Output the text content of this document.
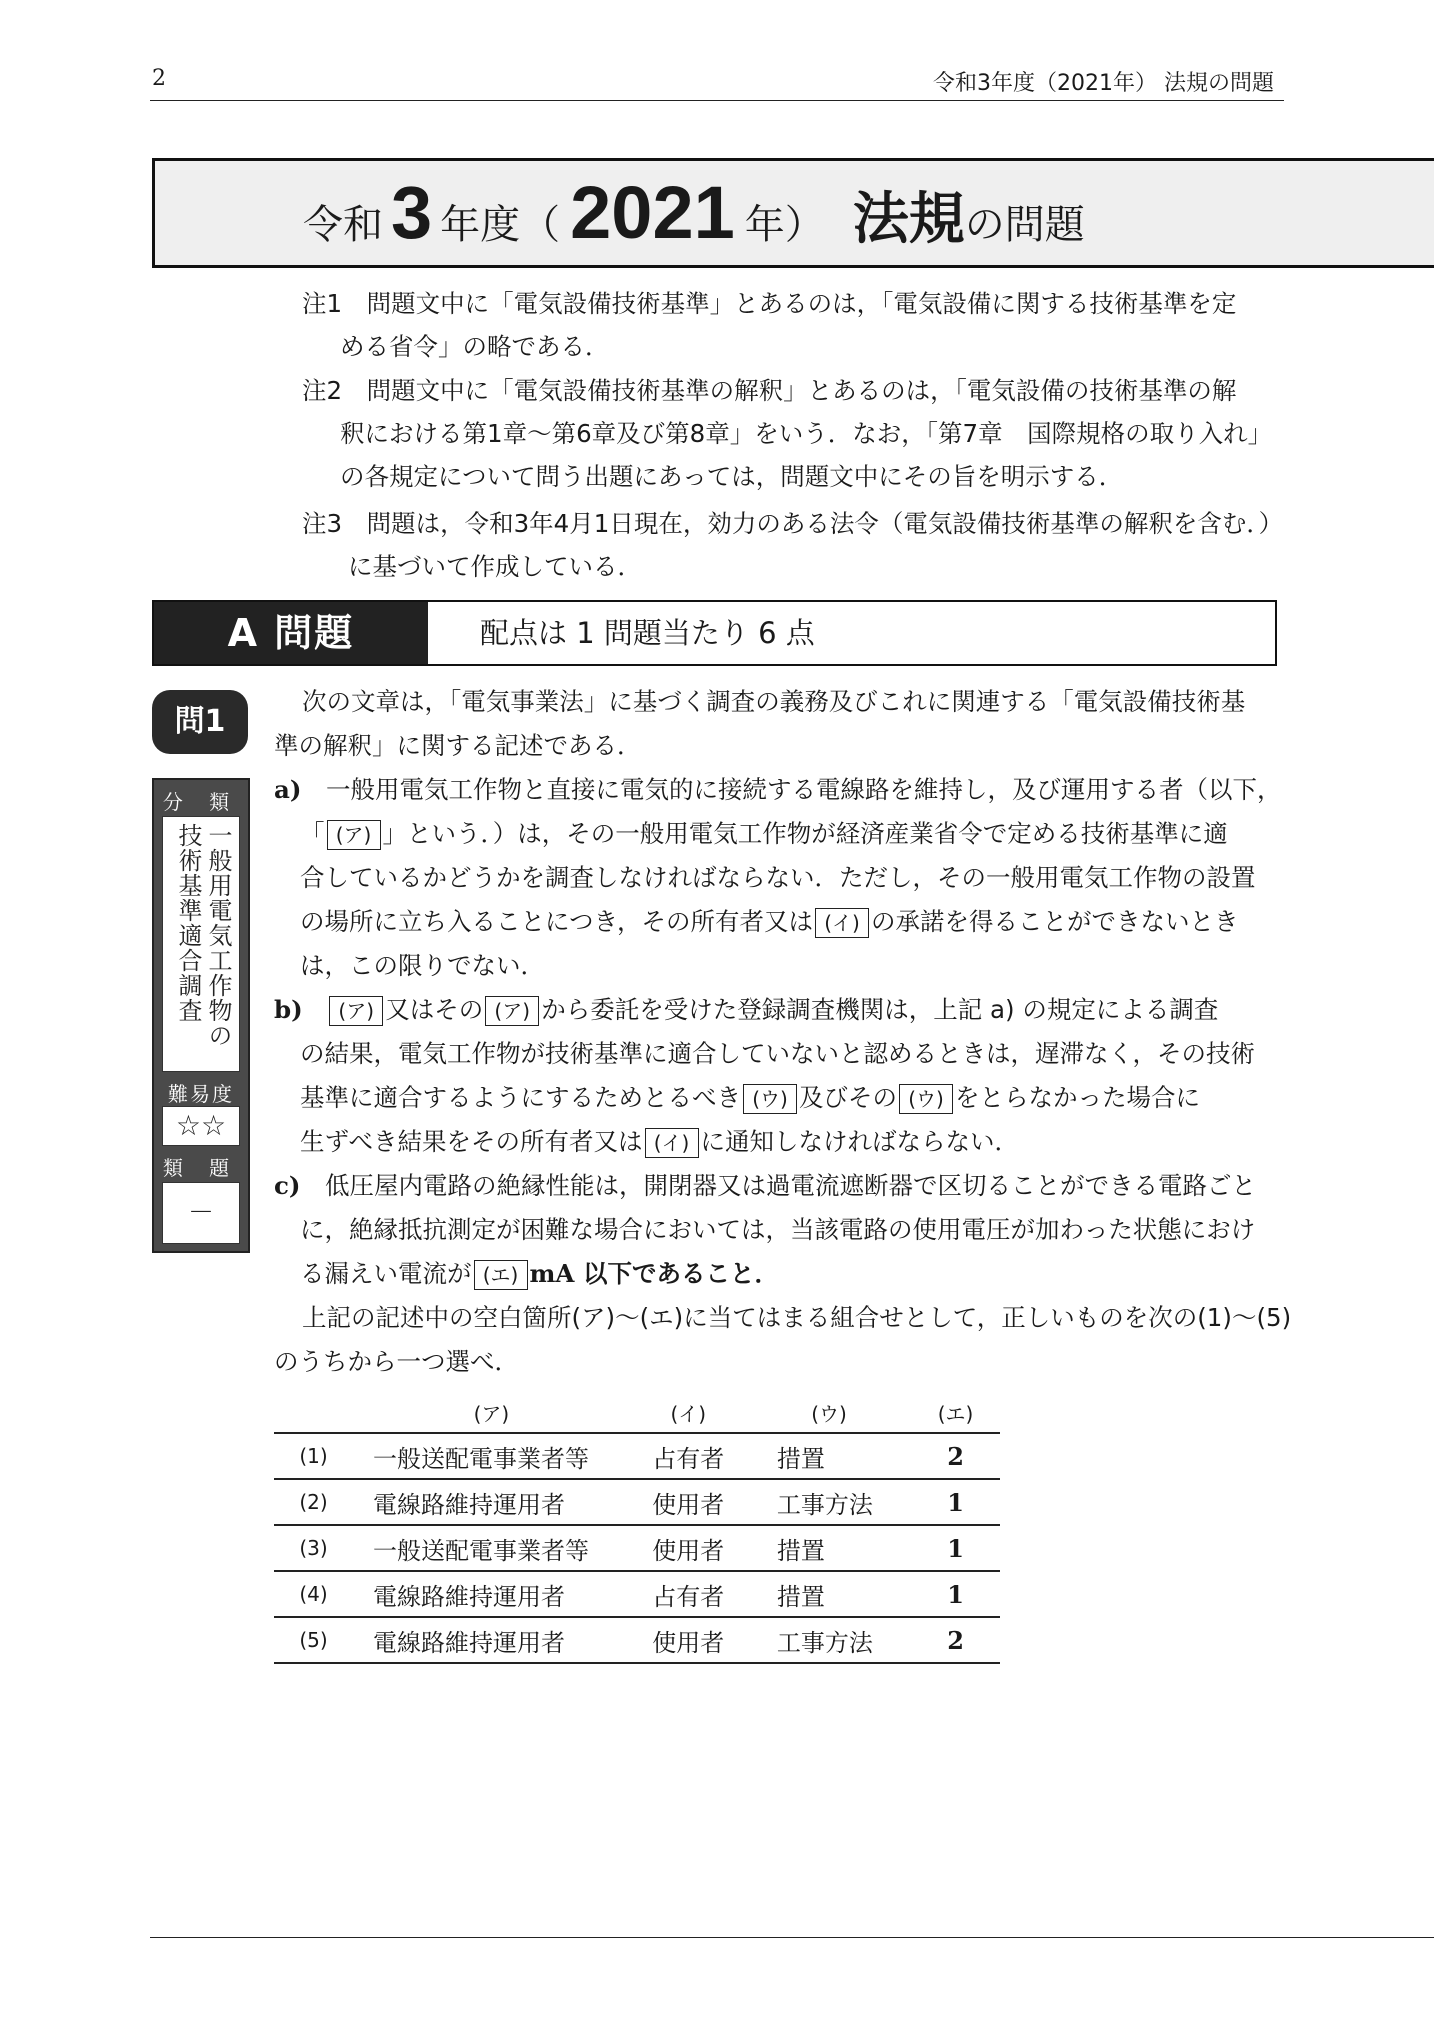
2	令和3年度（2021年） 法規の問題
令和 3 年度（ 2021 年） 法規 の問題
注1　 問題文中に「電気設備技術基準」とあるのは，「電気設備に関する技術基準を定
める省令」の略である．
注2　 問題文中に「電気設備技術基準の解釈」とあるのは，「電気設備の技術基準の解
釈における第1章～第6章及び第8章」をいう．なお，「第7章　国際規格の取り入れ」
の各規定について問う出題にあっては，問題文中にその旨を明示する．
注3　 問題は，令和3年4月1日現在，効力のある法令（電気設備技術基準の解釈を含む．）
に基づいて作成している．
A 問題	配点は 1 問題当たり 6 点
問1
分 類
一般用電気工作物の技術基準適合調査
難易度
☆☆
類 題
－
次の文章は，「電気事業法」に基づく調査の義務及びこれに関連する「電気設備技術基
準の解釈」に関する記述である．
a)　 一般用電気工作物と直接に電気的に接続する電線路を維持し，及び運用する者（以下，
「 (ア) 」という．）は，その一般用電気工作物が経済産業省令で定める技術基準に適
合しているかどうかを調査しなければならない．ただし，その一般用電気工作物の設置
の場所に立ち入ることにつき，その所有者又は (イ) の承諾を得ることができないとき
は，この限りでない．
b)　 (ア) 又はその (ア) から委託を受けた登録調査機関は，上記 a) の規定による調査
の結果，電気工作物が技術基準に適合していないと認めるときは，遅滞なく，その技術
基準に適合するようにするためとるべき (ウ) 及びその (ウ) をとらなかった場合に
生ずべき結果をその所有者又は (イ) に通知しなければならない．
c)　 低圧屋内電路の絶縁性能は，開閉器又は過電流遮断器で区切ることができる電路ごと
に，絶縁抵抗測定が困難な場合においては，当該電路の使用電圧が加わった状態におけ
る漏えい電流が (エ) mA 以下であること．
上記の記述中の空白箇所(ア)～(エ)に当てはまる組合せとして，正しいものを次の(1)～(5)
のうちから一つ選べ．
	(ア)	(イ)	(ウ)	(エ)
(1)	一般送配電事業者等	占有者	措置	2
(2)	電線路維持運用者	使用者	工事方法	1
(3)	一般送配電事業者等	使用者	措置	1
(4)	電線路維持運用者	占有者	措置	1
(5)	電線路維持運用者	使用者	工事方法	2
